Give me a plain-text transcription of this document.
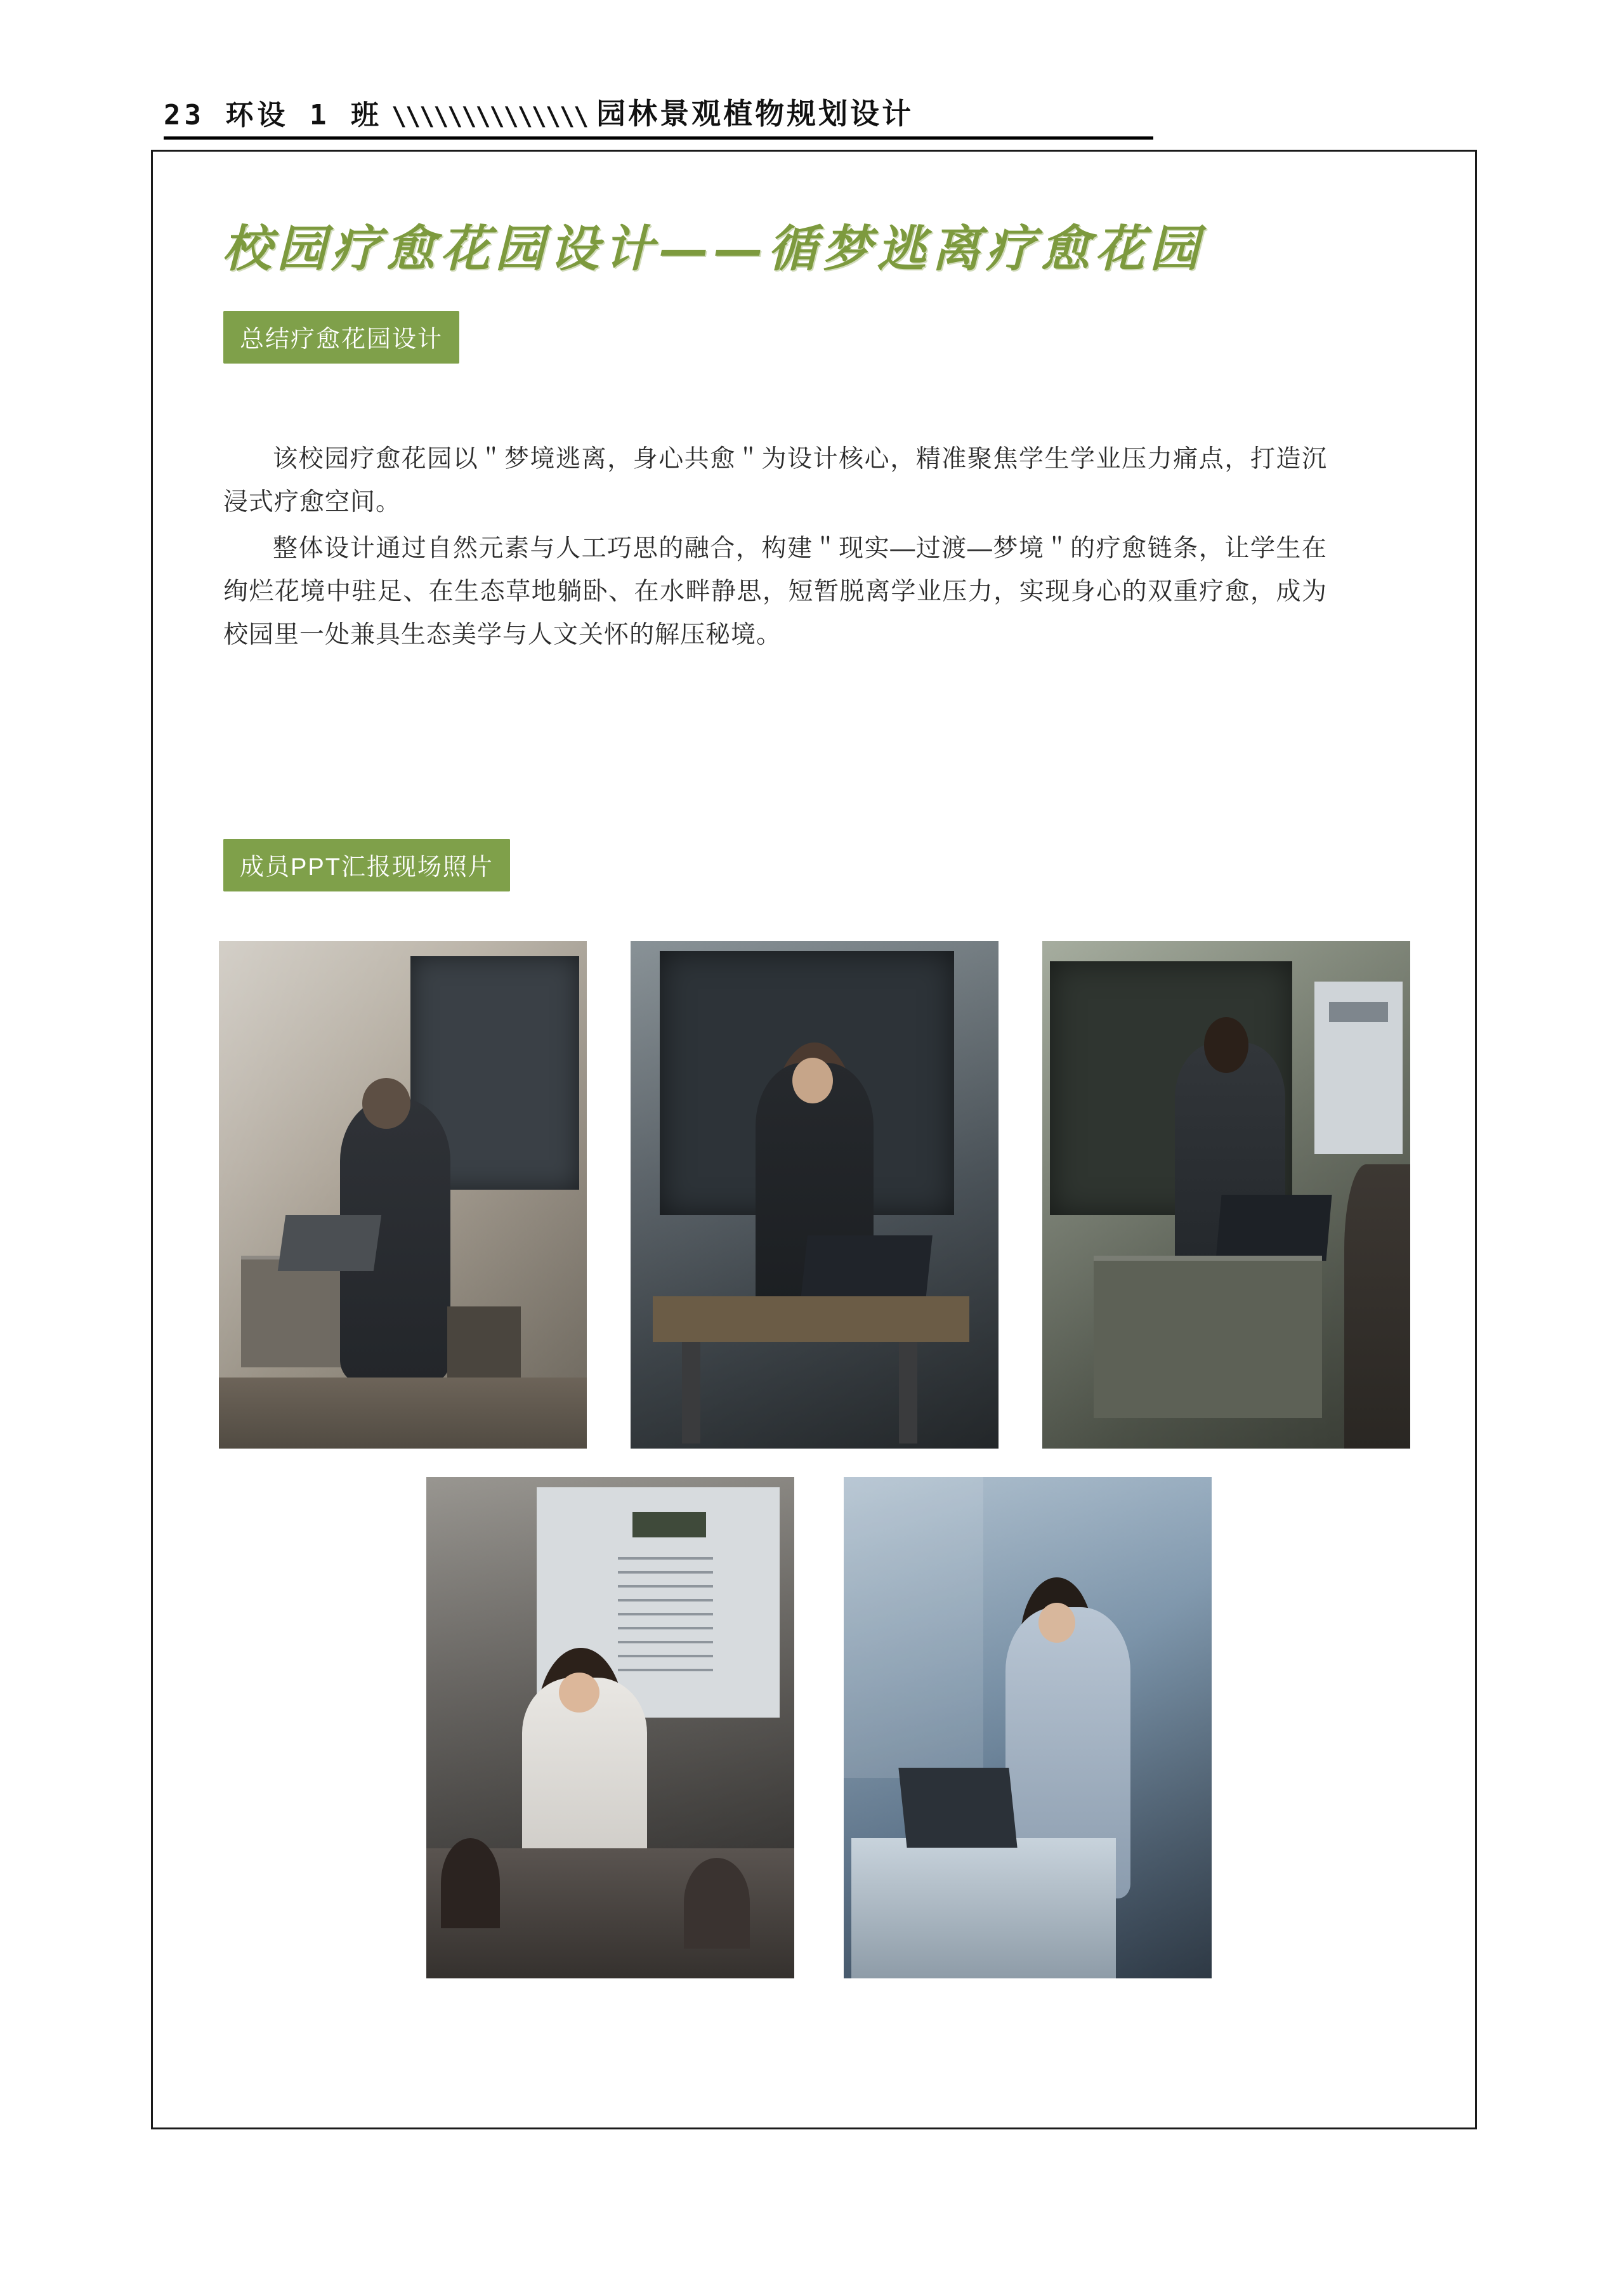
23 环设 1 班 \\\\\\\\\\\\\\ 园林景观植物规划设计
校园疗愈花园设计——循梦逃离疗愈花园
总结疗愈花园设计

该校园疗愈花园以＂梦境逃离，身心共愈＂为设计核心，精准聚焦学生学业压力痛点，打造沉浸式疗愈空间。

整体设计通过自然元素与人工巧思的融合，构建＂现实—过渡—梦境＂的疗愈链条，让学生在绚烂花境中驻足、在生态草地躺卧、在水畔静思，短暂脱离学业压力，实现身心的双重疗愈，成为校园里一处兼具生态美学与人文关怀的解压秘境。

成员PPT汇报现场照片
